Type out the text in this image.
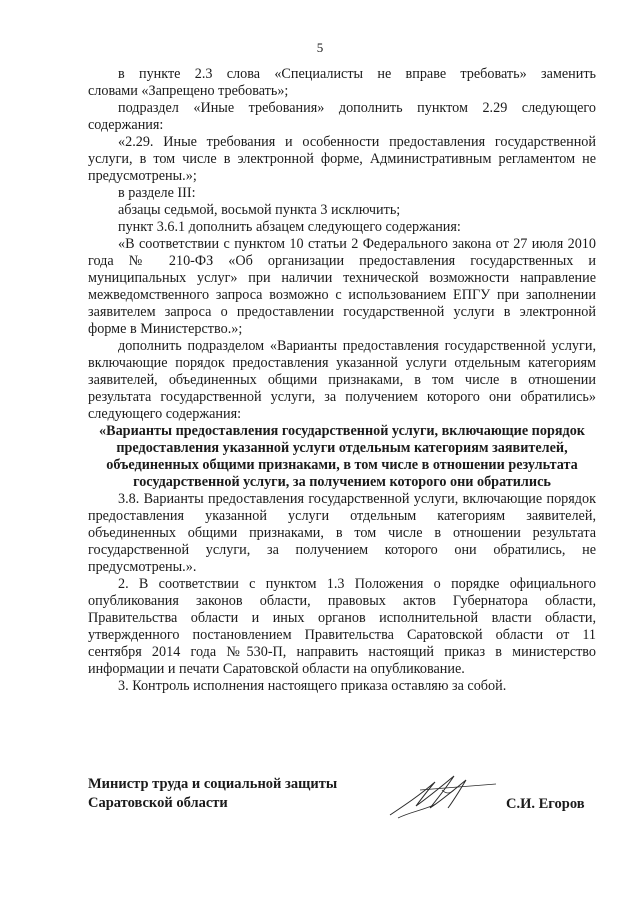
5

в пункте 2.3 слова «Специалисты не вправе требовать» заменить

словами «Запрещено требовать»;

подраздел «Иные требования» дополнить пунктом 2.29 следующего

содержания:

«2.29. Иные требования и особенности предоставления государственной услуги, в том числе в электронной форме, Административным регламентом не предусмотрены.»;

в разделе III:

абзацы седьмой, восьмой пункта 3 исключить;

пункт 3.6.1 дополнить абзацем следующего содержания:

«В соответствии с пунктом 10 статьи 2 Федерального закона от 27 июля 2010 года № 210-ФЗ «Об организации предоставления государственных и муниципальных услуг» при наличии технической возможности направление межведомственного запроса возможно с использованием ЕПГУ при заполнении заявителем запроса о предоставлении государственной услуги в электронной форме в Министерство.»;

дополнить подразделом «Варианты предоставления государственной услуги, включающие порядок предоставления указанной услуги отдельным категориям заявителей, объединенных общими признаками, в том числе в отношении результата государственной услуги, за получением которого они обратились» следующего содержания:

«Варианты предоставления государственной услуги, включающие порядок предоставления указанной услуги отдельным категориям заявителей, объединенных общими признаками, в том числе в отношении результата государственной услуги, за получением которого они обратились

3.8. Варианты предоставления государственной услуги, включающие порядок предоставления указанной услуги отдельным категориям заявителей, объединенных общими признаками, в том числе в отношении результата государственной услуги, за получением которого они обратились, не предусмотрены.».

2. В соответствии с пунктом 1.3 Положения о порядке официального опубликования законов области, правовых актов Губернатора области, Правительства области и иных органов исполнительной власти области, утвержденного постановлением Правительства Саратовской области от 11 сентября 2014 года №530-П, направить настоящий приказ в министерство информации и печати Саратовской области на опубликование.

3. Контроль исполнения настоящего приказа оставляю за собой.

Министр труда и социальной защиты
Саратовской области	С.И. Егоров
